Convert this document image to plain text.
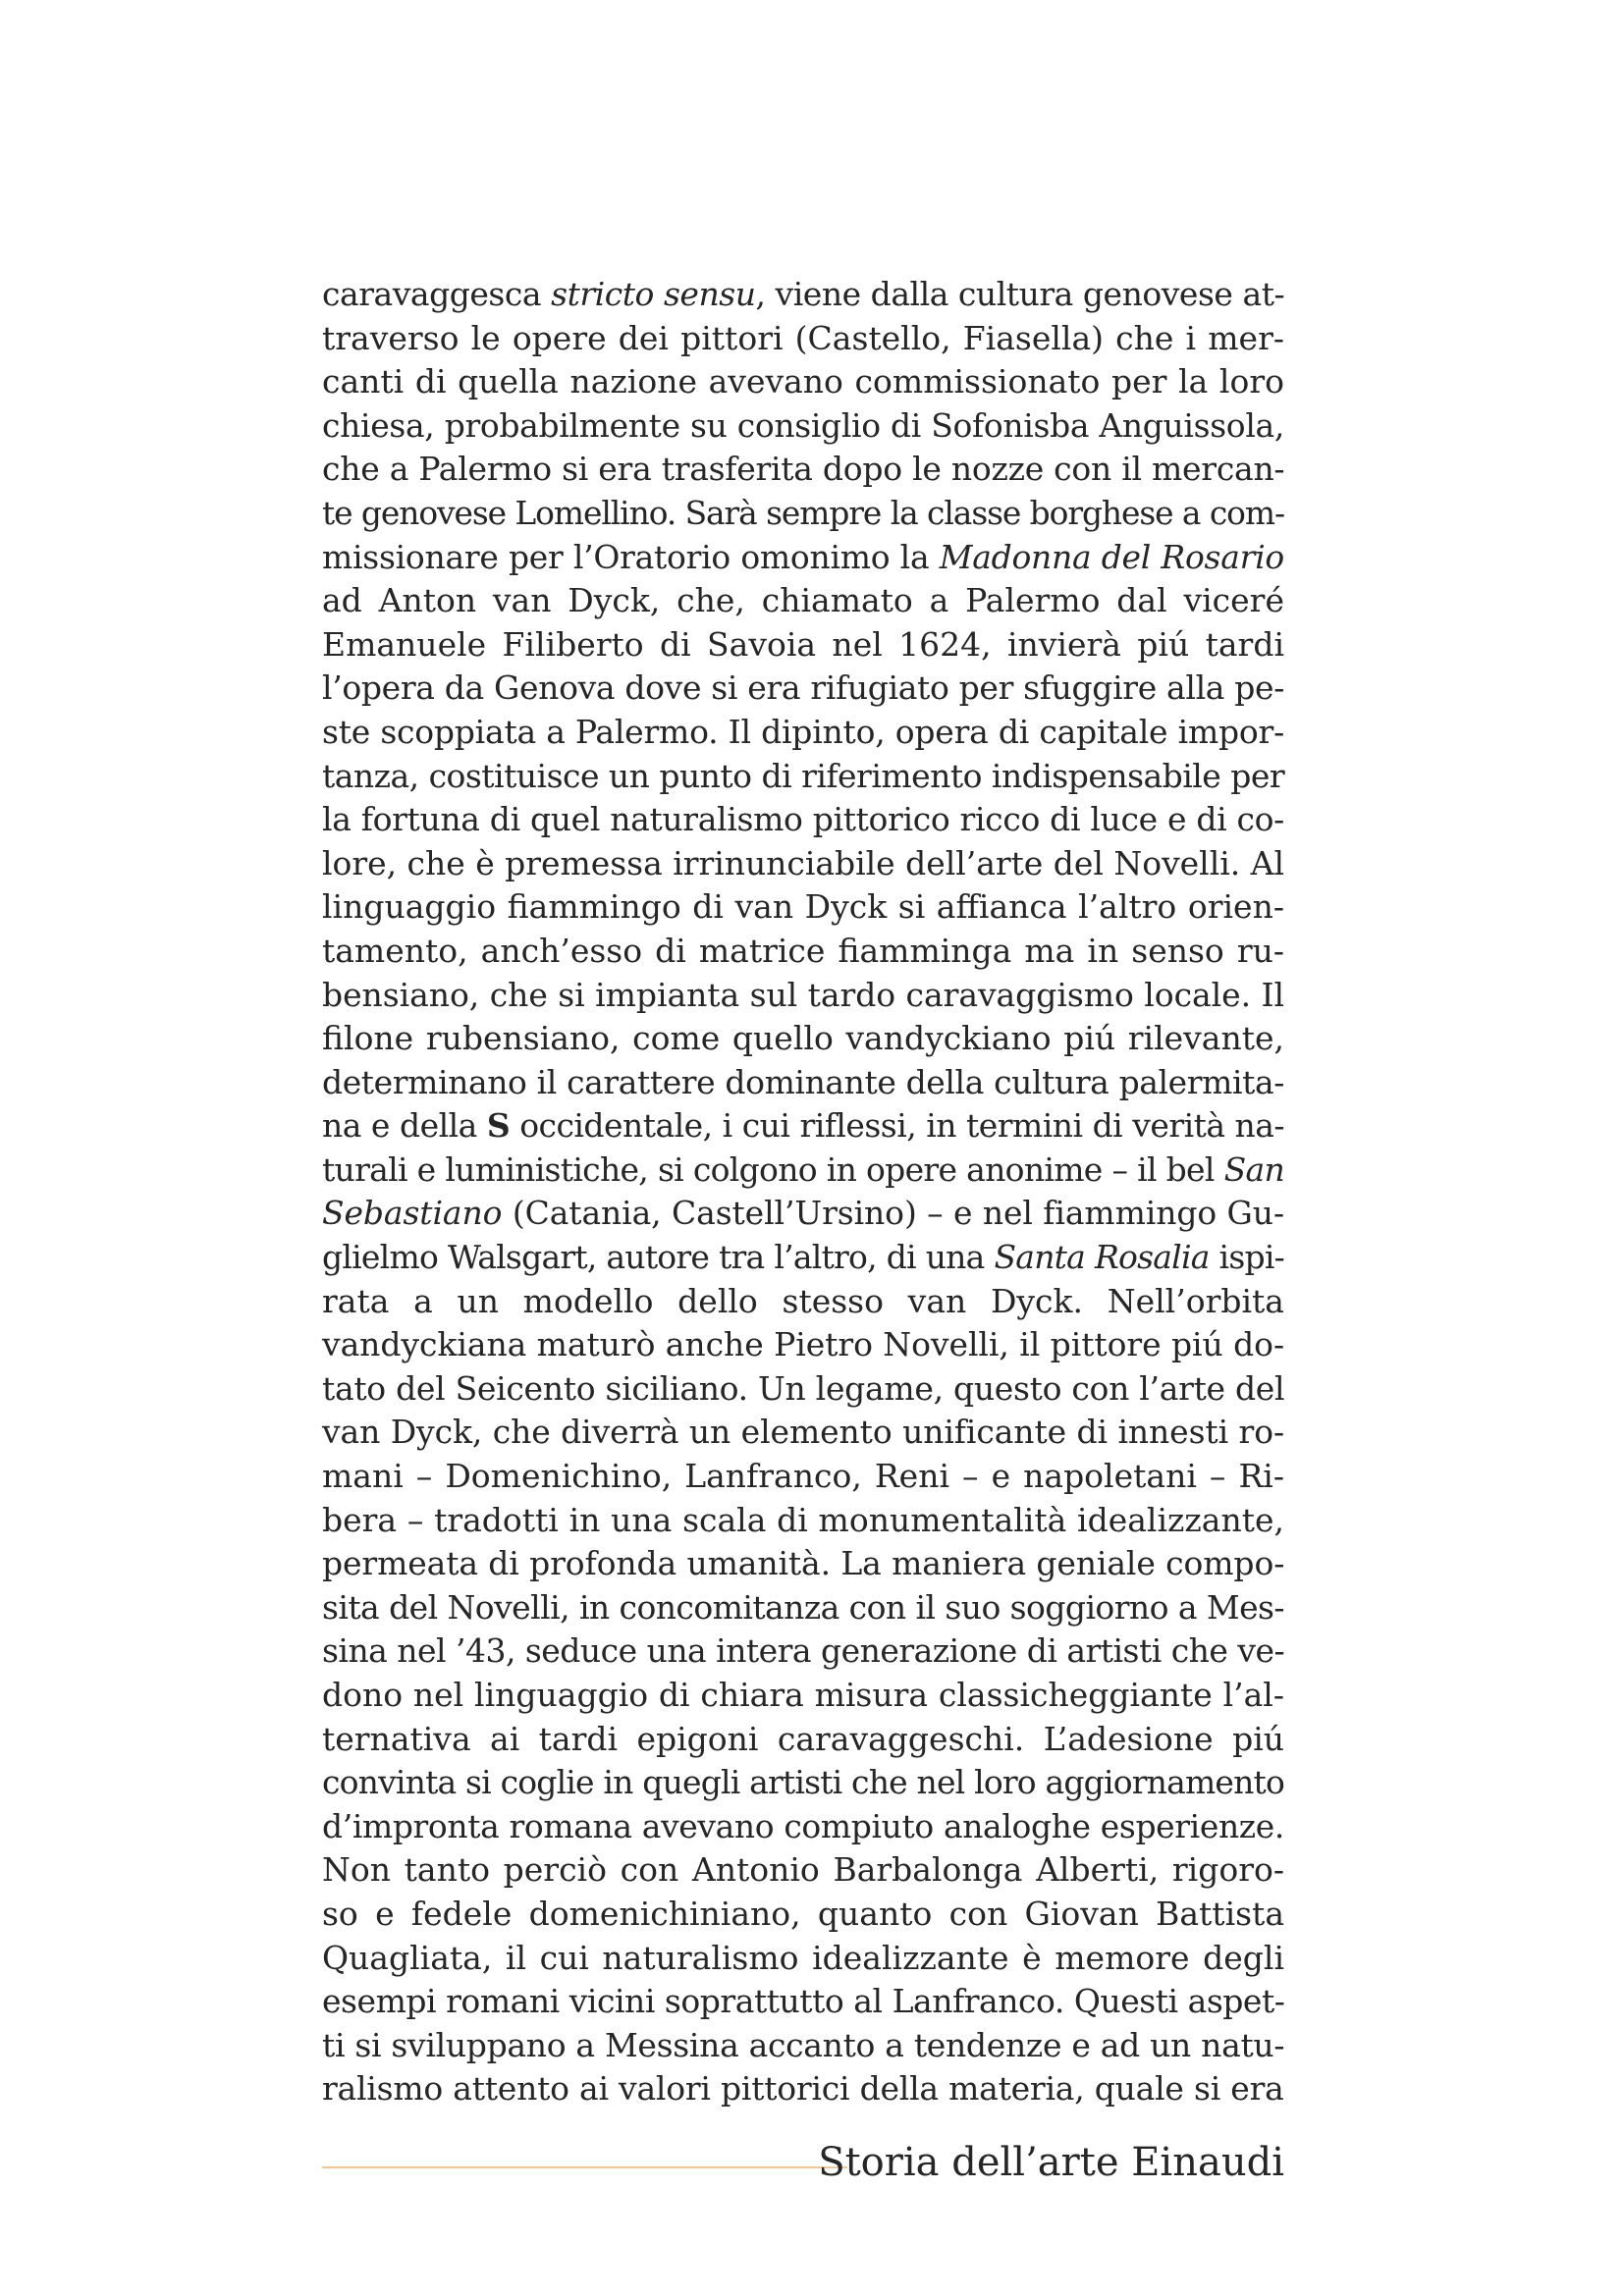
caravaggesca stricto sensu, viene dalla cultura genovese at-
traverso le opere dei pittori (Castello, Fiasella) che i mer-
canti di quella nazione avevano commissionato per la loro
chiesa, probabilmente su consiglio di Sofonisba Anguissola,
che a Palermo si era trasferita dopo le nozze con il mercan-
te genovese Lomellino. Sarà sempre la classe borghese a com-
missionare per l’Oratorio omonimo la Madonna del Rosario
ad Anton van Dyck, che, chiamato a Palermo dal viceré
Emanuele Filiberto di Savoia nel 1624, invierà piú tardi
l’opera da Genova dove si era rifugiato per sfuggire alla pe-
ste scoppiata a Palermo. Il dipinto, opera di capitale impor-
tanza, costituisce un punto di riferimento indispensabile per
la fortuna di quel naturalismo pittorico ricco di luce e di co-
lore, che è premessa irrinunciabile dell’arte del Novelli. Al
linguaggio fiammingo di van Dyck si affianca l’altro orien-
tamento, anch’esso di matrice fiamminga ma in senso ru-
bensiano, che si impianta sul tardo caravaggismo locale. Il
filone rubensiano, come quello vandyckiano piú rilevante,
determinano il carattere dominante della cultura palermita-
na e della S occidentale, i cui riflessi, in termini di verità na-
turali e luministiche, si colgono in opere anonime – il bel San
Sebastiano (Catania, Castell’Ursino) – e nel fiammingo Gu-
glielmo Walsgart, autore tra l’altro, di una Santa Rosalia ispi-
rata a un modello dello stesso van Dyck. Nell’orbita
vandyckiana maturò anche Pietro Novelli, il pittore piú do-
tato del Seicento siciliano. Un legame, questo con l’arte del
van Dyck, che diverrà un elemento unificante di innesti ro-
mani – Domenichino, Lanfranco, Reni – e napoletani – Ri-
bera – tradotti in una scala di monumentalità idealizzante,
permeata di profonda umanità. La maniera geniale compo-
sita del Novelli, in concomitanza con il suo soggiorno a Mes-
sina nel ’43, seduce una intera generazione di artisti che ve-
dono nel linguaggio di chiara misura classicheggiante l’al-
ternativa ai tardi epigoni caravaggeschi. L’adesione piú
convinta si coglie in quegli artisti che nel loro aggiornamento
d’impronta romana avevano compiuto analoghe esperienze.
Non tanto perciò con Antonio Barbalonga Alberti, rigoro-
so e fedele domenichiniano, quanto con Giovan Battista
Quagliata, il cui naturalismo idealizzante è memore degli
esempi romani vicini soprattutto al Lanfranco. Questi aspet-
ti si sviluppano a Messina accanto a tendenze e ad un natu-
ralismo attento ai valori pittorici della materia, quale si era
Storia dell’arte Einaudi
